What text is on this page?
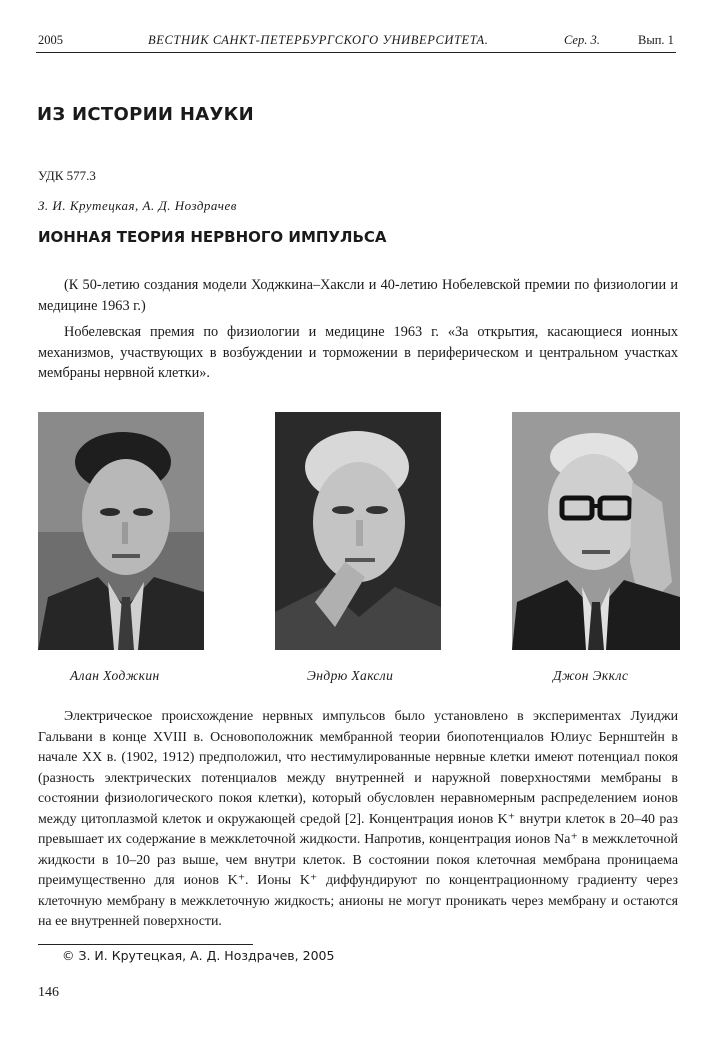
2005	ВЕСТНИК САНКТ-ПЕТЕРБУРГСКОГО УНИВЕРСИТЕТА.	Сер. 3.	Вып. 1
ИЗ ИСТОРИИ НАУКИ
УДК 577.3
З. И. Крутецкая, А. Д. Ноздрачев
ИОННАЯ ТЕОРИЯ НЕРВНОГО ИМПУЛЬСА
(К 50-летию создания модели Ходжкина–Хаксли и 40-летию Нобелевской премии по физиологии и медицине 1963 г.)
Нобелевская премия по физиологии и медицине 1963 г. «За открытия, касающиеся ионных механизмов, участвующих в возбуждении и торможении в периферическом и центральном участках мембраны нервной клетки».
Алан Ходжкин	Эндрю Хаксли	Джон Экклс
Электрическое происхождение нервных импульсов было установлено в экспериментах Луиджи Гальвани в конце XVIII в. Основоположник мембранной теории биопотенциалов Юлиус Бернштейн в начале XX в. (1902, 1912) предположил, что нестимулированные нервные клетки имеют потенциал покоя (разность электрических потенциалов между внутренней и наружной поверхностями мембраны в состоянии физиологического покоя клетки), который обусловлен неравномерным распределением ионов между цитоплазмой клеток и окружающей средой [2]. Концентрация ионов K⁺ внутри клеток в 20–40 раз превышает их содержание в межклеточной жидкости. Напротив, концентрация ионов Na⁺ в межклеточной жидкости в 10–20 раз выше, чем внутри клеток. В состоянии покоя клеточная мембрана проницаема преимущественно для ионов K⁺. Ионы K⁺ диффундируют по концентрационному градиенту через клеточную мембрану в межклеточную жидкость; анионы не могут проникать через мембрану и остаются на ее внутренней поверхности.
© З. И. Крутецкая, А. Д. Ноздрачев, 2005
146
